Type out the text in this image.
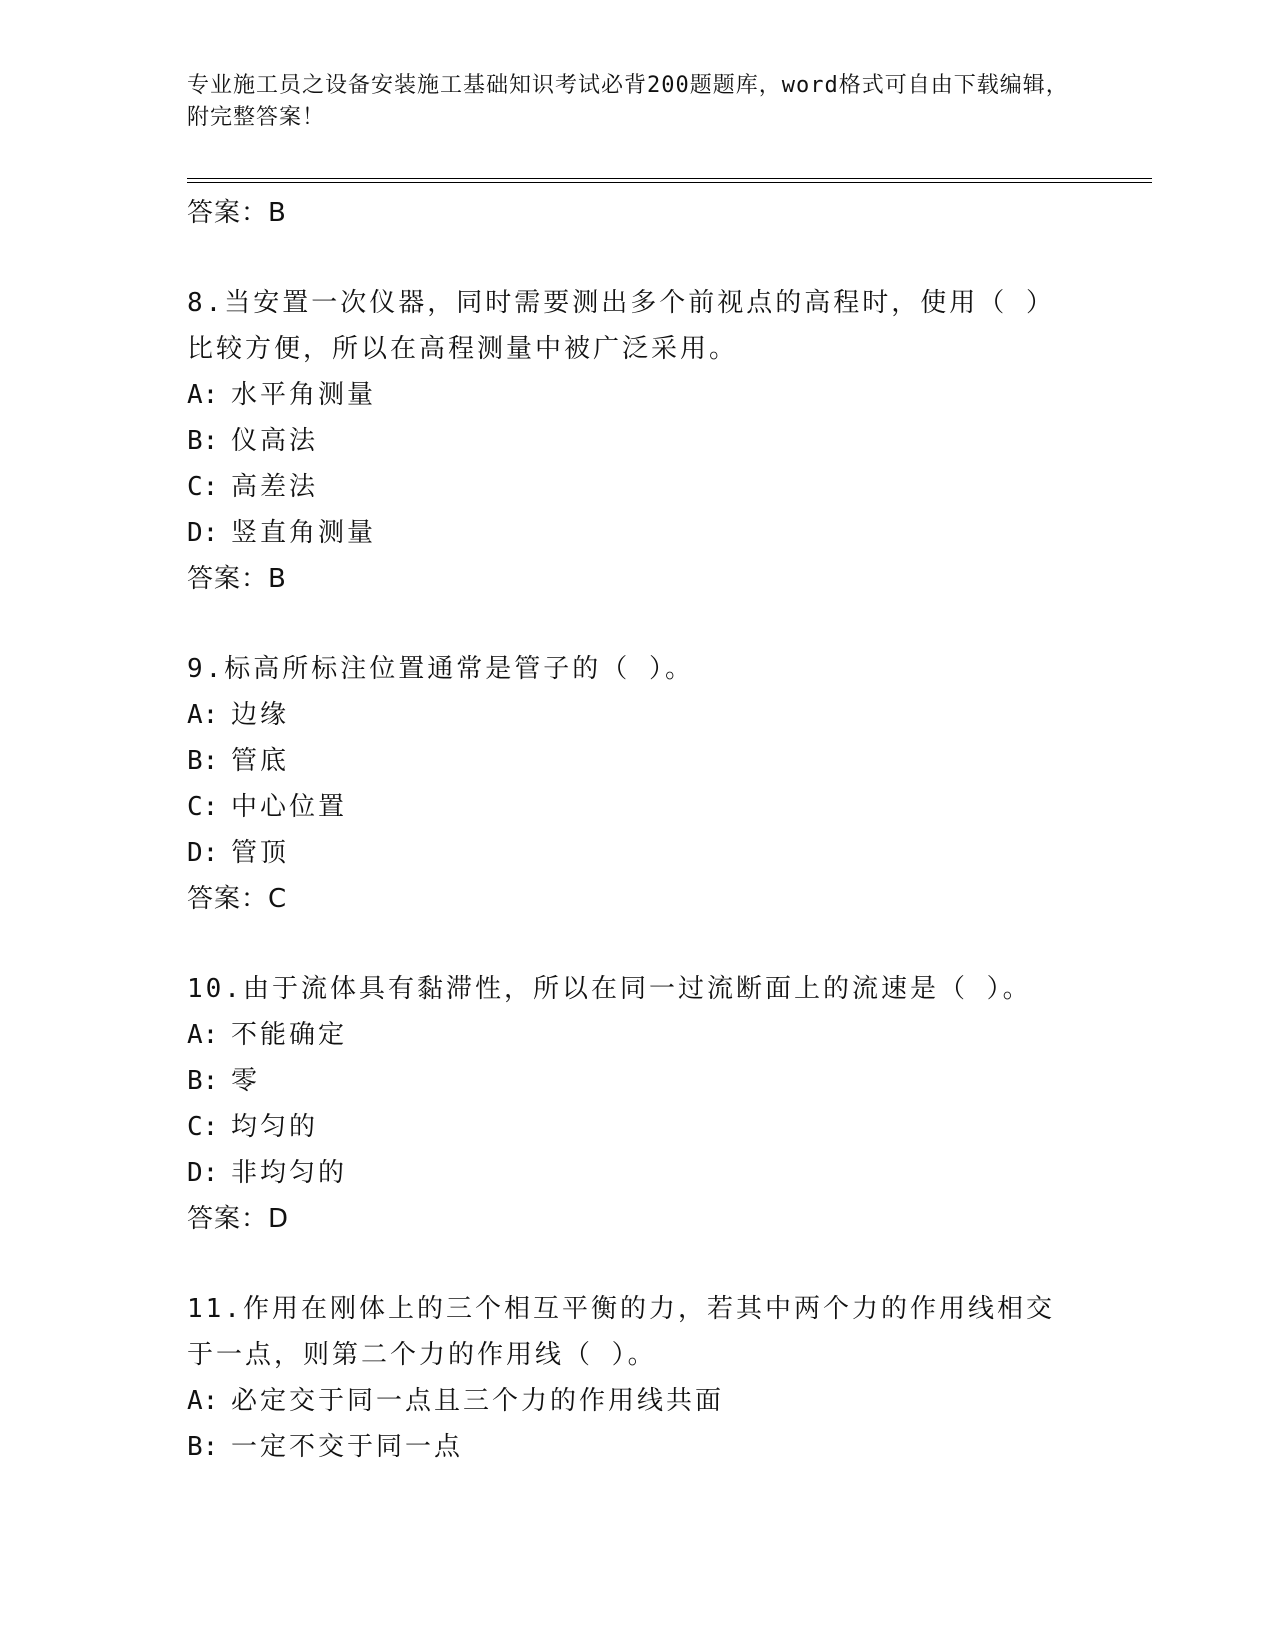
专业施工员之设备安装施工基础知识考试必背200题题库，word格式可自由下载编辑，附完整答案！
答案：B
8.当安置一次仪器，同时需要测出多个前视点的高程时，使用（ ）比较方便，所以在高程测量中被广泛采用。
A: 水平角测量
B: 仪高法
C: 高差法
D: 竖直角测量
答案：B
9.标高所标注位置通常是管子的（ ）。
A: 边缘
B: 管底
C: 中心位置
D: 管顶
答案：C
10.由于流体具有黏滞性，所以在同一过流断面上的流速是（ ）。
A: 不能确定
B: 零
C: 均匀的
D: 非均匀的
答案：D
11.作用在刚体上的三个相互平衡的力，若其中两个力的作用线相交于一点，则第二个力的作用线（ ）。
A: 必定交于同一点且三个力的作用线共面
B: 一定不交于同一点
